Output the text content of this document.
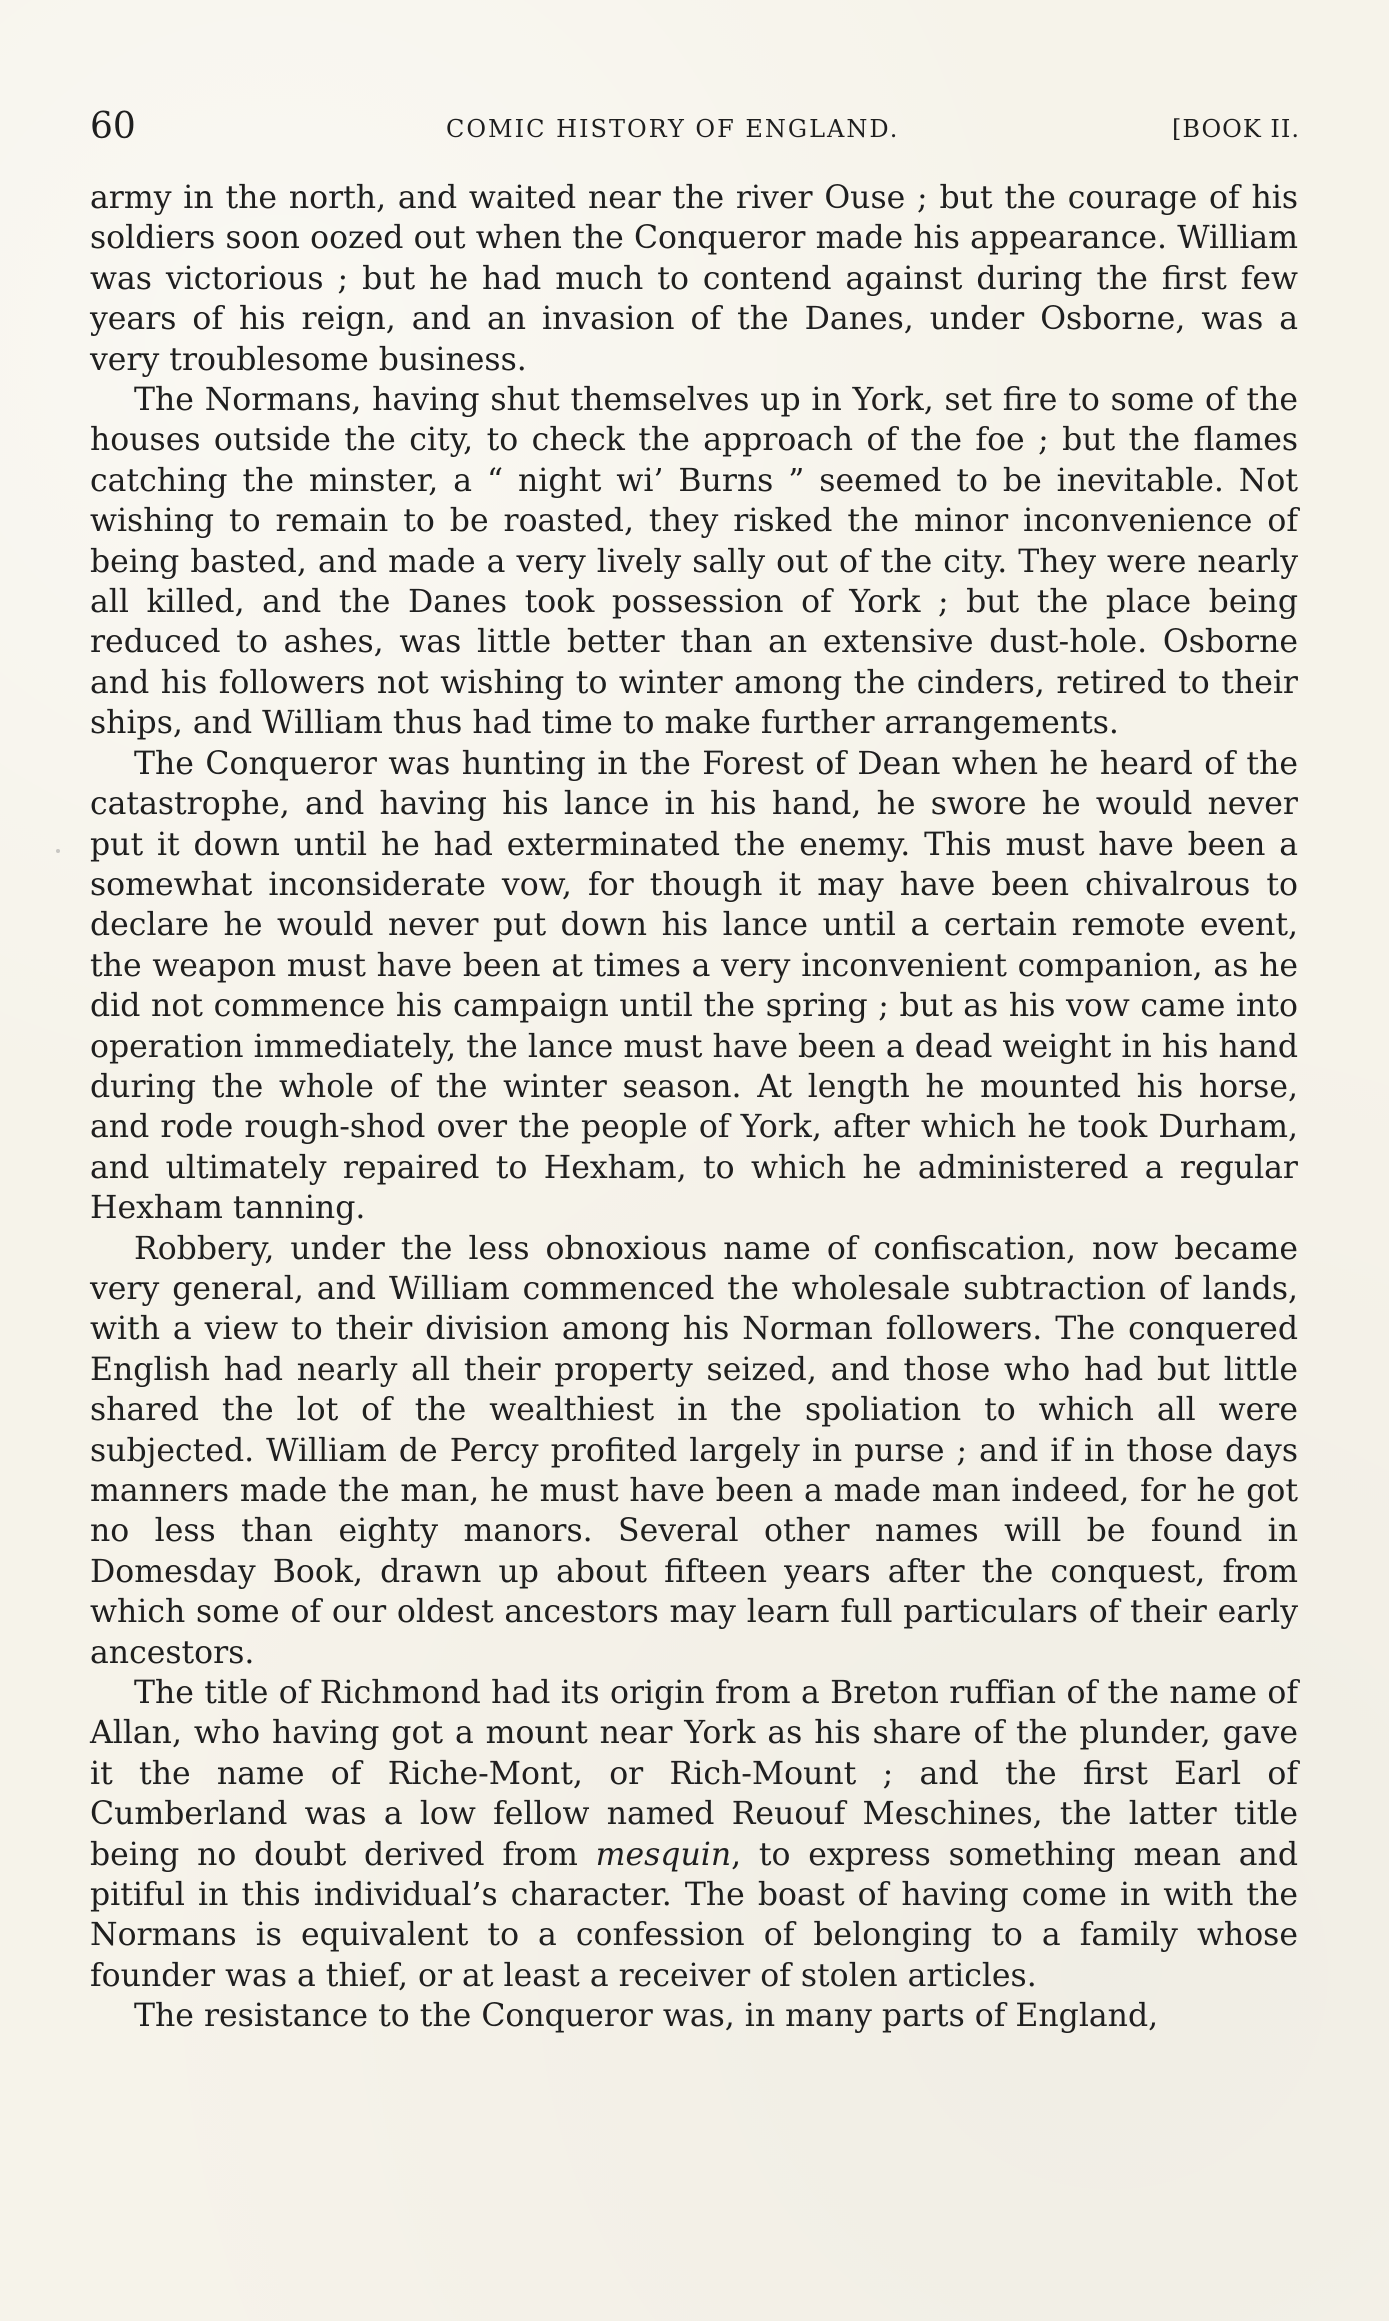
60	COMIC HISTORY OF ENGLAND.	[BOOK II.

army in the north, and waited near the river Ouse ; but the courage of his soldiers soon oozed out when the Conqueror made his appearance. William was victorious ; but he had much to contend against during the first few years of his reign, and an invasion of the Danes, under Osborne, was a very troublesome business.

The Normans, having shut themselves up in York, set fire to some of the houses outside the city, to check the approach of the foe ; but the flames catching the minster, a “ night wi’ Burns ” seemed to be inevitable. Not wishing to remain to be roasted, they risked the minor inconvenience of being basted, and made a very lively sally out of the city. They were nearly all killed, and the Danes took possession of York ; but the place being reduced to ashes, was little better than an extensive dust-hole. Osborne and his followers not wishing to winter among the cinders, retired to their ships, and William thus had time to make further arrangements.

The Conqueror was hunting in the Forest of Dean when he heard of the catastrophe, and having his lance in his hand, he swore he would never put it down until he had exterminated the enemy. This must have been a somewhat inconsiderate vow, for though it may have been chivalrous to declare he would never put down his lance until a certain remote event, the weapon must have been at times a very inconvenient companion, as he did not commence his campaign until the spring ; but as his vow came into operation immediately, the lance must have been a dead weight in his hand during the whole of the winter season. At length he mounted his horse, and rode rough-shod over the people of York, after which he took Durham, and ultimately repaired to Hexham, to which he administered a regular Hexham tanning.

Robbery, under the less obnoxious name of confiscation, now became very general, and William commenced the wholesale subtraction of lands, with a view to their division among his Norman followers. The conquered English had nearly all their property seized, and those who had but little shared the lot of the wealthiest in the spoliation to which all were subjected. William de Percy profited largely in purse ; and if in those days manners made the man, he must have been a made man indeed, for he got no less than eighty manors. Several other names will be found in Domesday Book, drawn up about fifteen years after the conquest, from which some of our oldest ancestors may learn full particulars of their early ancestors.

The title of Richmond had its origin from a Breton ruffian of the name of Allan, who having got a mount near York as his share of the plunder, gave it the name of Riche-Mont, or Rich-Mount ; and the first Earl of Cumberland was a low fellow named Reuouf Meschines, the latter title being no doubt derived from mesquin, to express something mean and pitiful in this individual’s character. The boast of having come in with the Normans is equivalent to a confession of belonging to a family whose founder was a thief, or at least a receiver of stolen articles.

The resistance to the Conqueror was, in many parts of England,
